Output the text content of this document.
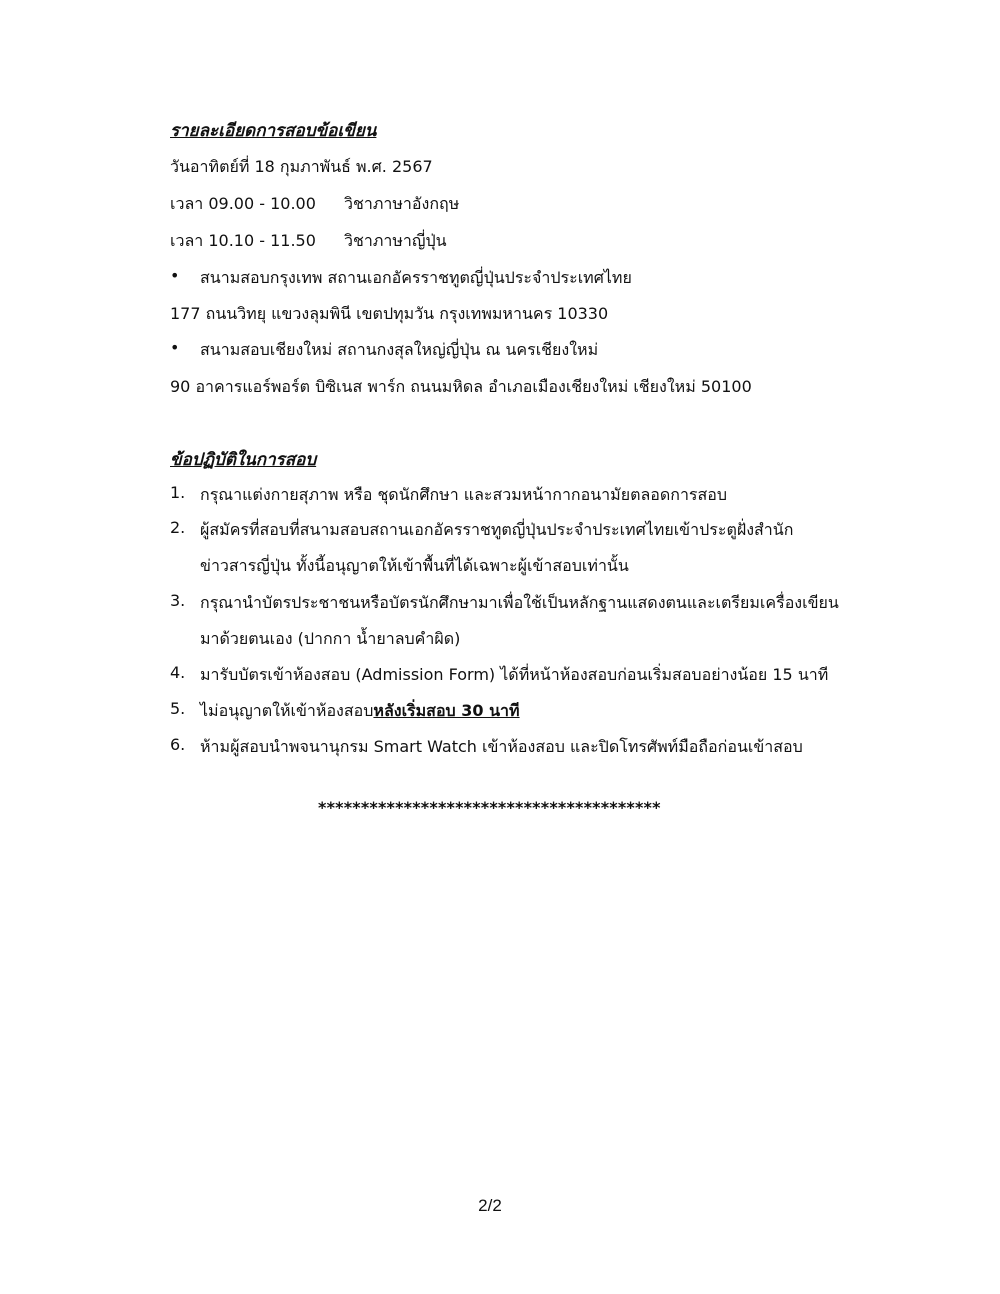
รายละเอียดการสอบข้อเขียน
วันอาทิตย์ที่ 18 กุมภาพันธ์ พ.ศ. 2567
เวลา 09.00 - 10.00 วิชาภาษาอังกฤษ
เวลา 10.10 - 11.50 วิชาภาษาญี่ปุ่น
• สนามสอบกรุงเทพ สถานเอกอัครราชทูตญี่ปุ่นประจำประเทศไทย
177 ถนนวิทยุ แขวงลุมพินี เขตปทุมวัน กรุงเทพมหานคร 10330
• สนามสอบเชียงใหม่ สถานกงสุลใหญ่ญี่ปุ่น ณ นครเชียงใหม่
90 อาคารแอร์พอร์ต บิซิเนส พาร์ก ถนนมหิดล อำเภอเมืองเชียงใหม่ เชียงใหม่ 50100
ข้อปฏิบัติในการสอบ
1. กรุณาแต่งกายสุภาพ หรือ ชุดนักศึกษา และสวมหน้ากากอนามัยตลอดการสอบ
2. ผู้สมัครที่สอบที่สนามสอบสถานเอกอัครราชทูตญี่ปุ่นประจำประเทศไทยเข้าประตูฝั่งสำนัก
ข่าวสารญี่ปุ่น ทั้งนี้อนุญาตให้เข้าพื้นที่ได้เฉพาะผู้เข้าสอบเท่านั้น
3. กรุณานำบัตรประชาชนหรือบัตรนักศึกษามาเพื่อใช้เป็นหลักฐานแสดงตนและเตรียมเครื่องเขียน
มาด้วยตนเอง (ปากกา น้ำยาลบคำผิด)
4. มารับบัตรเข้าห้องสอบ (Admission Form) ได้ที่หน้าห้องสอบก่อนเริ่มสอบอย่างน้อย 15 นาที
5. ไม่อนุญาตให้เข้าห้องสอบหลังเริ่มสอบ 30 นาที
6. ห้ามผู้สอบนำพจนานุกรม Smart Watch เข้าห้องสอบ และปิดโทรศัพท์มือถือก่อนเข้าสอบ
****************************************
2/2
